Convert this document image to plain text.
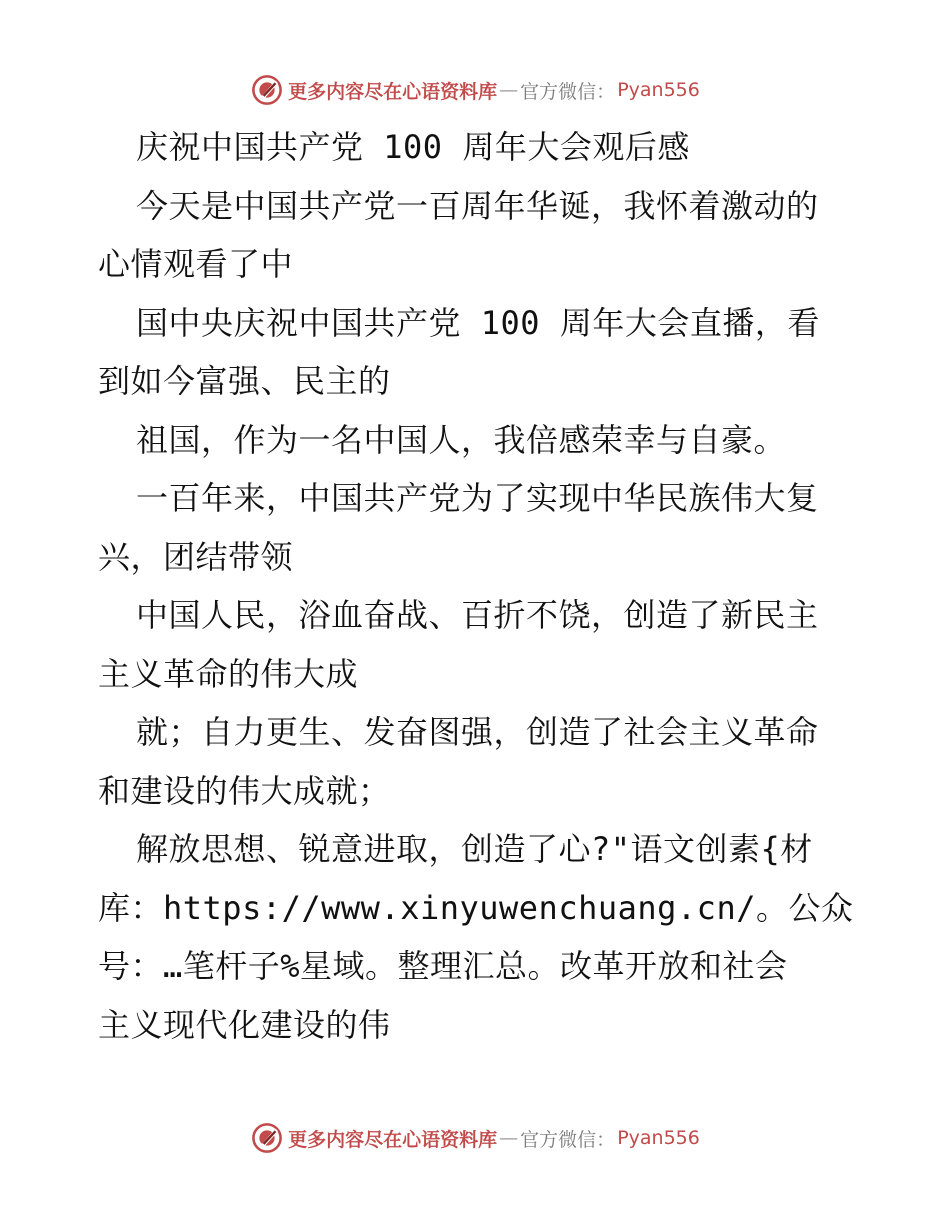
更多内容尽在心语资料库 — 官方微信： Pyan556
庆祝中国共产党 100 周年大会观后感
今天是中国共产党一百周年华诞，我怀着激动的
心情观看了中
国中央庆祝中国共产党 100 周年大会直播，看
到如今富强、民主的
祖国，作为一名中国人，我倍感荣幸与自豪。
一百年来，中国共产党为了实现中华民族伟大复
兴，团结带领
中国人民，浴血奋战、百折不饶，创造了新民主
主义革命的伟大成
就；自力更生、发奋图强，创造了社会主义革命
和建设的伟大成就；
解放思想、锐意进取，创造了心?"语文创素{材
库：https://www.xinyuwenchuang.cn/。公众
号：…笔杆子%星域。整理汇总。改革开放和社会
主义现代化建设的伟
更多内容尽在心语资料库 — 官方微信： Pyan556
